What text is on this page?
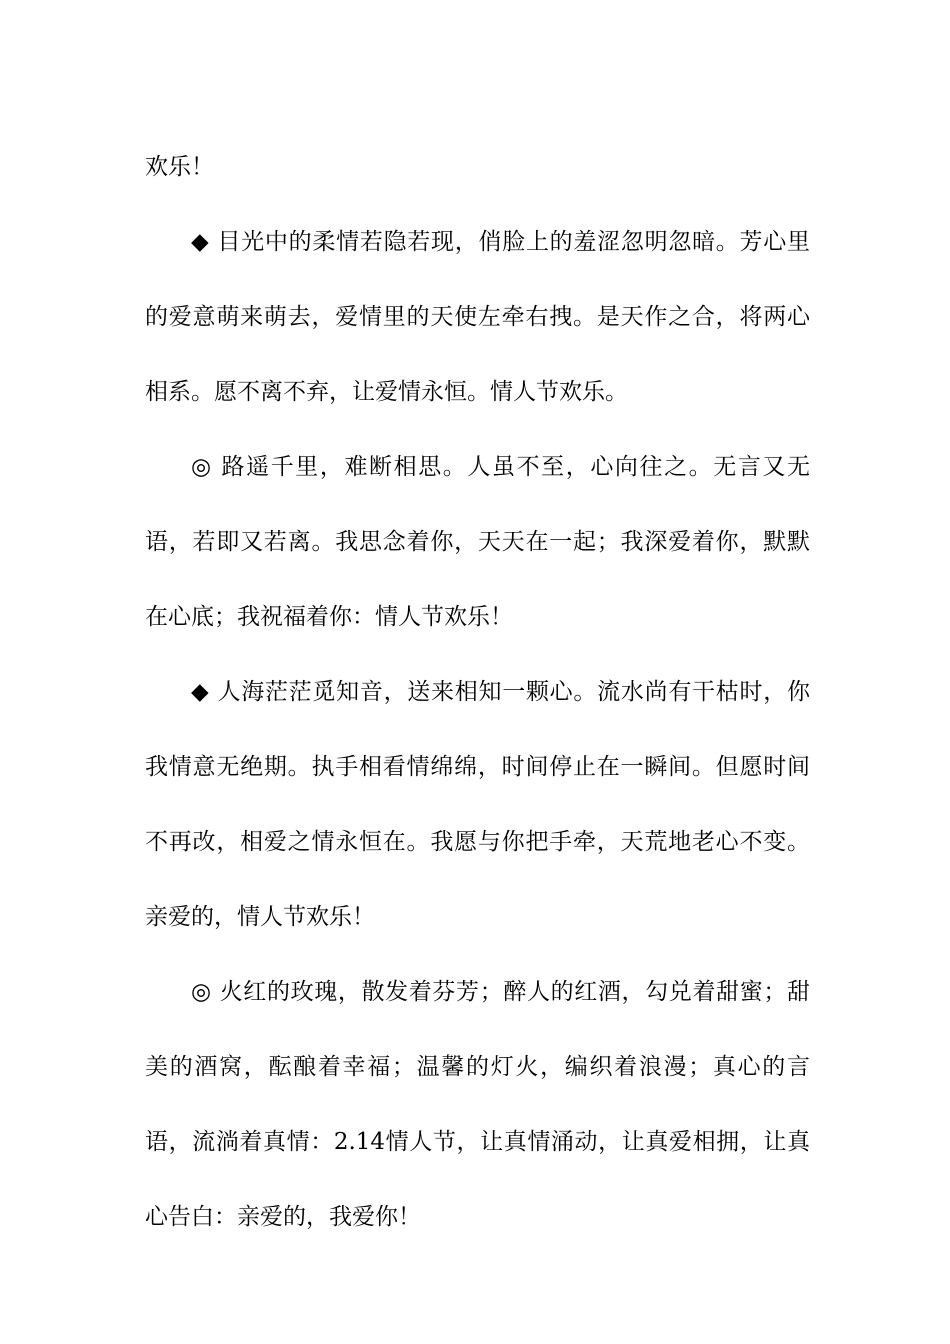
欢乐！

◆ 目光中的柔情若隐若现，俏脸上的羞涩忽明忽暗。芳心里的爱意萌来萌去，爱情里的天使左牵右拽。是天作之合，将两心相系。愿不离不弃，让爱情永恒。情人节欢乐。

◎ 路遥千里，难断相思。人虽不至，心向往之。无言又无语，若即又若离。我思念着你，天天在一起；我深爱着你，默默在心底；我祝福着你：情人节欢乐！

◆ 人海茫茫觅知音，送来相知一颗心。流水尚有干枯时，你我情意无绝期。执手相看情绵绵，时间停止在一瞬间。但愿时间不再改，相爱之情永恒在。我愿与你把手牵，天荒地老心不变。亲爱的，情人节欢乐！

◎ 火红的玫瑰，散发着芬芳；醉人的红酒，勾兑着甜蜜；甜美的酒窝，酝酿着幸福；温馨的灯火，编织着浪漫；真心的言语，流淌着真情：2.14情人节，让真情涌动，让真爱相拥，让真心告白：亲爱的，我爱你！
